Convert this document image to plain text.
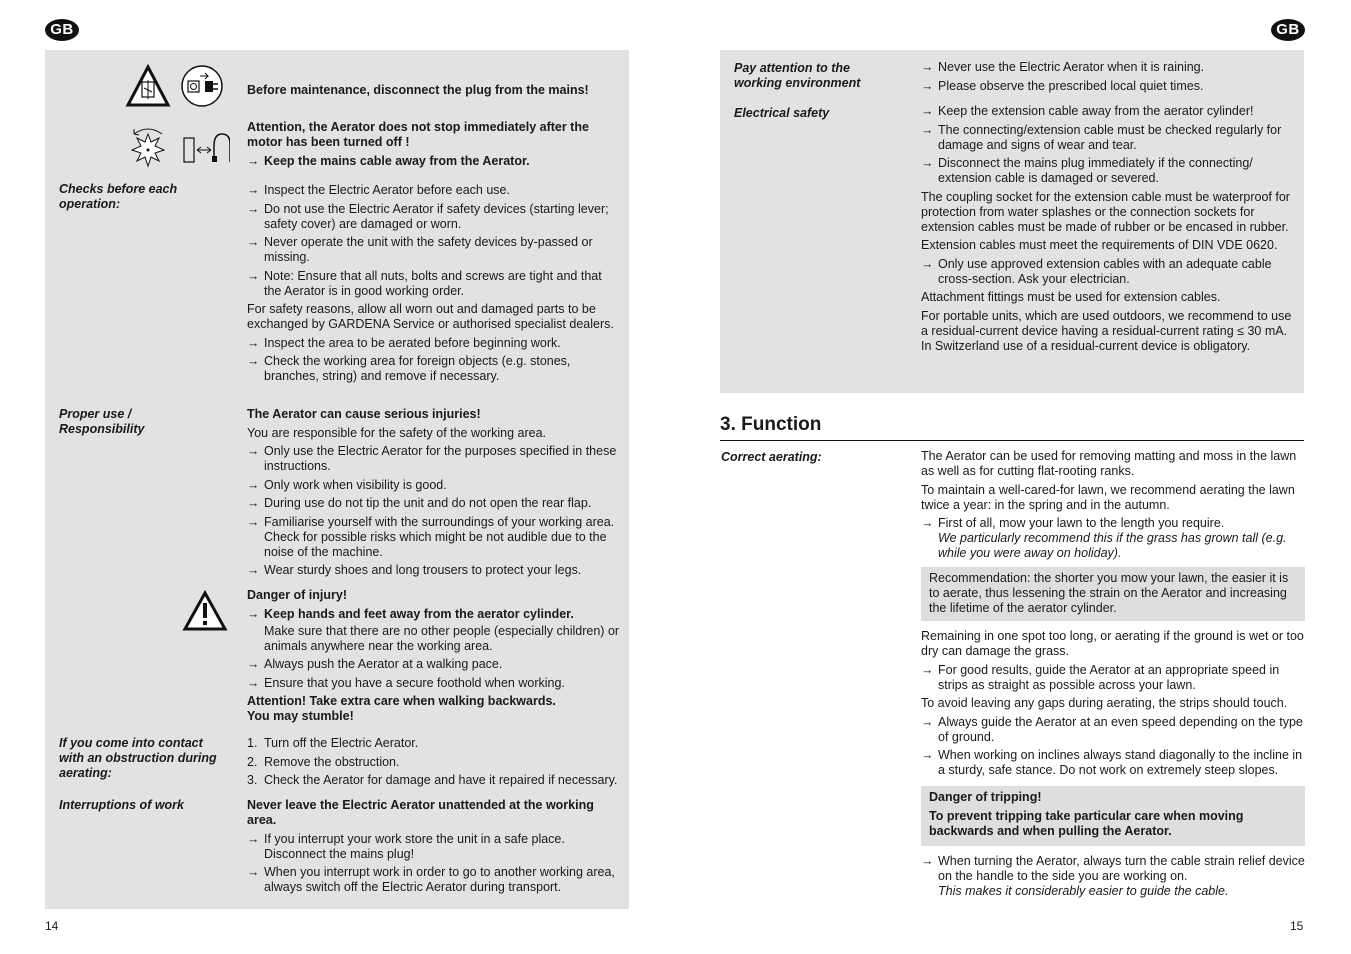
GB
Before maintenance, disconnect the plug from the mains!

Attention, the Aerator does not stop immediately after the motor has been turned off !

→ Keep the mains cable away from the Aerator.
Checks before each operation:
→ Inspect the Electric Aerator before each use.
→ Do not use the Electric Aerator if safety devices (starting lever; safety cover) are damaged or worn.
→ Never operate the unit with the safety devices by-passed or missing.
→ Note: Ensure that all nuts, bolts and screws are tight and that the Aerator is in good working order.

For safety reasons, allow all worn out and damaged parts to be exchanged by GARDENA Service or authorised specialist dealers.

→ Inspect the area to be aerated before beginning work.
→ Check the working area for foreign objects (e.g. stones, branches, string) and remove if necessary.
Proper use / Responsibility

The Aerator can cause serious injuries!

You are responsible for the safety of the working area.

→ Only use the Electric Aerator for the purposes specified in these instructions.
→ Only work when visibility is good.
→ During use do not tip the unit and do not open the rear flap.
→ Familiarise yourself with the surroundings of your working area. Check for possible risks which might be not audible due to the noise of the machine.
→ Wear sturdy shoes and long trousers to protect your legs.

Danger of injury!

→ Keep hands and feet away from the aerator cylinder.

Make sure that there are no other people (especially children) or animals anywhere near the working area.

→ Always push the Aerator at a walking pace.
→ Ensure that you have a secure foothold when working.

Attention! Take extra care when walking backwards. You may stumble!

If you come into contact with an obstruction during aerating:
1. Turn off the Electric Aerator.
2. Remove the obstruction.
3. Check the Aerator for damage and have it repaired if necessary.
Interruptions of work	Never leave the Electric Aerator unattended at the working area.

→ If you interrupt your work store the unit in a safe place. Disconnect the mains plug!
→ When you interrupt work in order to go to another working area, always switch off the Electric Aerator during transport.
14
GB
Pay attention to the working environment
→ Never use the Electric Aerator when it is raining.
→ Please observe the prescribed local quiet times.
Electrical safety
→	Keep the extension cable away from the aerator cylinder!
→ The connecting/extension cable must be checked regularly for damage and signs of wear and tear.
→ Disconnect the mains plug immediately if the connecting/ extension cable is damaged or severed.

The coupling socket for the extension cable must be waterproof for protection from water splashes or the connection sockets for extension cables must be made of rubber or be encased in rubber.

Extension cables must meet the requirements of DIN VDE 0620.

→ Only use approved extension cables with an adequate cable cross-section. Ask your electrician.

Attachment fittings must be used for extension cables.

For portable units, which are used outdoors, we recommend to use a residual-current device having a residual-current rating ≤ 30 mA. In Switzerland use of a residual-current device is obligatory.

3. Function
Correct aerating:	The Aerator can be used for removing matting and moss in the lawn as well as for cutting flat-rooting ranks.

To maintain a well-cared-for lawn, we recommend aerating the lawn twice a year: in the spring and in the autumn.

→ First of all, mow your lawn to the length you require.
We particularly recommend this if the grass has grown tall (e.g. while you were away on holiday).
Recommendation: the shorter you mow your lawn, the easier it is to aerate, thus lessening the strain on the Aerator and increasing the lifetime of the aerator cylinder.

Remaining in one spot too long, or aerating if the ground is wet or too dry can damage the grass.

→ For good results, guide the Aerator at an appropriate speed in strips as straight as possible across your lawn.

To avoid leaving any gaps during aerating, the strips should touch.

→ Always guide the Aerator at an even speed depending on the type of ground.
→ When working on inclines always stand diagonally to the incline in a sturdy, safe stance. Do not work on extremely steep slopes.

Danger of tripping!

To prevent tripping take particular care when moving backwards and when pulling the Aerator.

→ When turning the Aerator, always turn the cable strain relief device on the handle to the side you are working on.
This makes it considerably easier to guide the cable.
15
